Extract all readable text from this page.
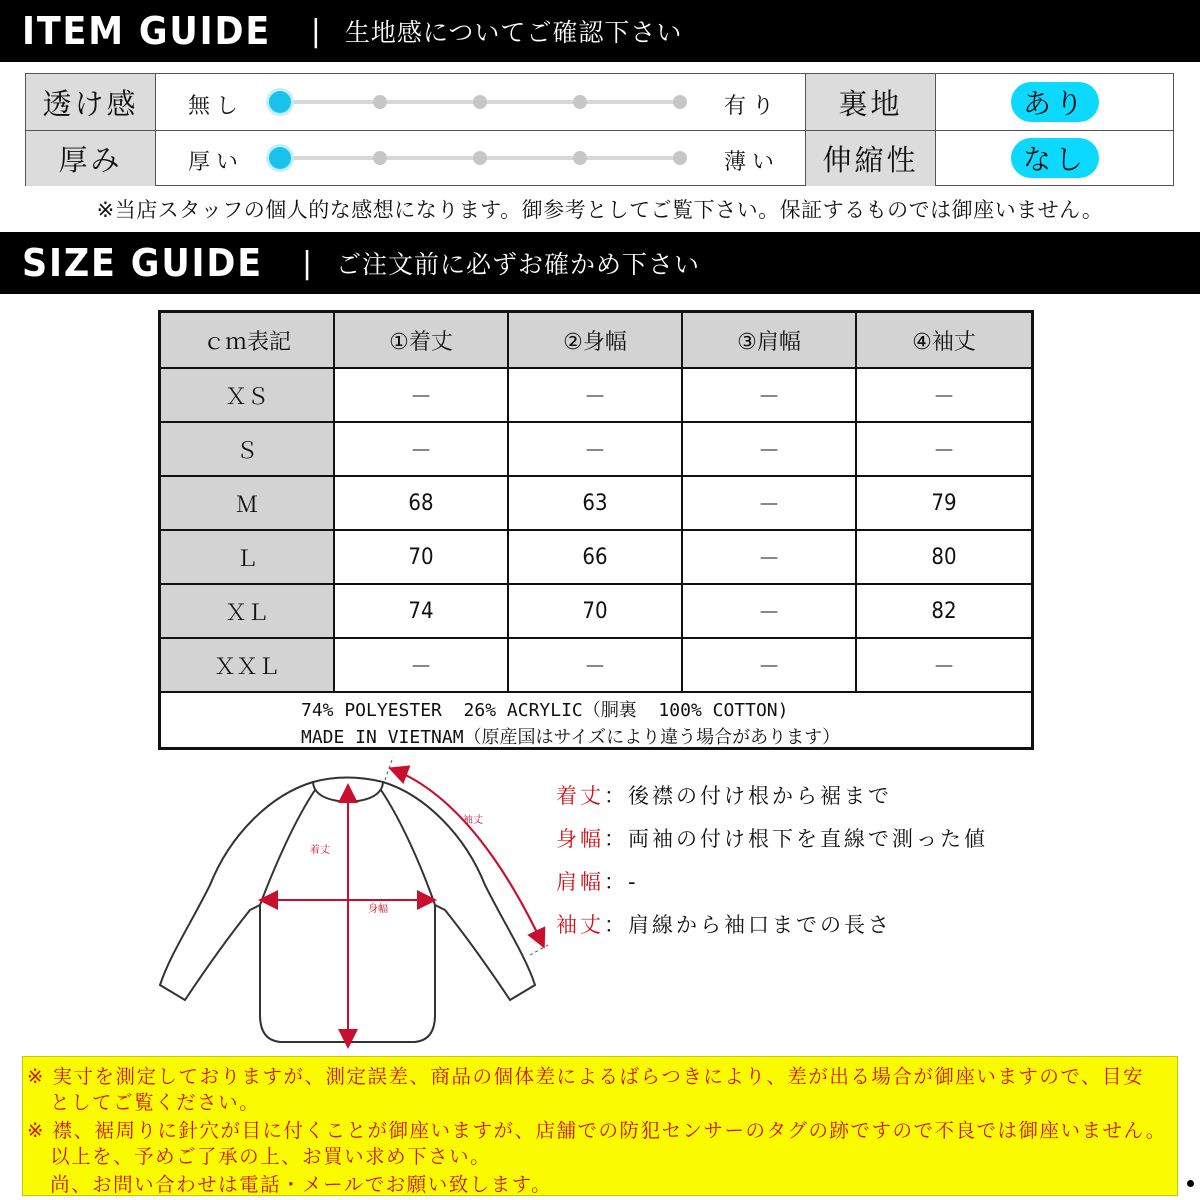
ITEM GUIDE | 生地感についてご確認下さい
透け感	無し	有り	裏地	あり
厚み	厚い	薄い	伸縮性	なし
※当店スタッフの個人的な感想になります。御参考としてご覧下さい。保証するものでは御座いません。
SIZE GUIDE | ご注文前に必ずお確かめ下さい
ｃｍ表記	①着丈	②身幅	③肩幅	④袖丈
ＸＳ	－	－	－	－
Ｓ	－	－	－	－
Ｍ	68	63	－	79
Ｌ	70	66	－	80
ＸＬ	74	70	－	82
ＸＸＬ	－	－	－	－
74% POLYESTER  26% ACRYLIC（胴裏  100% COTTON)
MADE IN VIETNAM（原産国はサイズにより違う場合があります）
着丈
身幅
袖丈
着丈：後襟の付け根から裾まで
身幅：両袖の付け根下を直線で測った値
肩幅：-
袖丈：肩線から袖口までの長さ
※ 実寸を測定しておりますが、測定誤差、商品の個体差によるばらつきにより、差が出る場合が御座いますので、目安
としてご覧ください。
※ 襟、裾周りに針穴が目に付くことが御座いますが、店舗での防犯センサーのタグの跡ですので不良では御座いません。
以上を、予めご了承の上、お買い求め下さい。
尚、お問い合わせは電話・メールでお願い致します。
